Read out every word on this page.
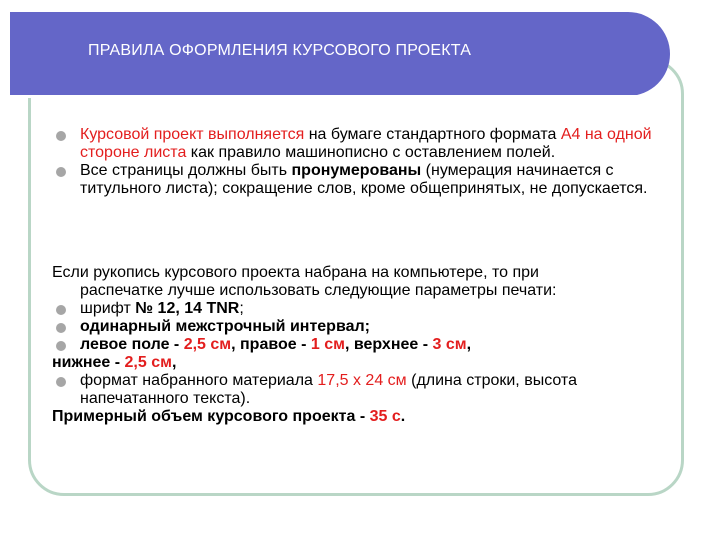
ПРАВИЛА ОФОРМЛЕНИЯ КУРСОВОГО ПРОЕКТА
Курсовой проект выполняется на бумаге стандартного формата А4 на одной стороне листа как правило машинописно с оставлением полей.
Все страницы должны быть пронумерованы (нумерация начинается с титульного листа); сокращение слов, кроме общепринятых, не допускается.
Если рукопись курсового проекта набрана на компьютере, то при
распечатке лучше использовать следующие параметры печати:
шрифт № 12, 14 TNR;
одинарный межстрочный интервал;
левое поле - 2,5 см, правое - 1 см, верхнее - 3 см,
нижнее - 2,5 см,
формат набранного материала 17,5 х 24 см (длина строки, высота напечатанного текста).
Примерный объем курсового проекта - 35 с.
